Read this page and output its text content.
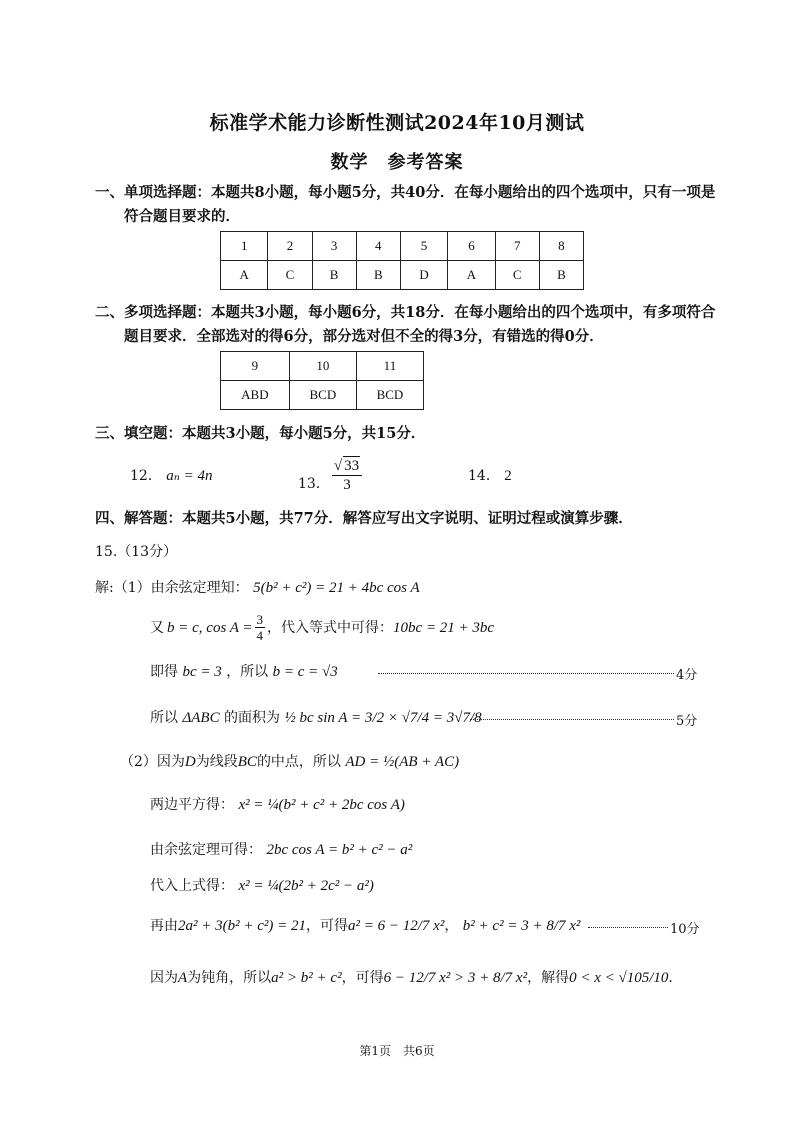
标准学术能力诊断性测试2024年10月测试
数学　参考答案
一、单项选择题：本题共8小题，每小题5分，共40分．在每小题给出的四个选项中，只有一项是
符合题目要求的．
1	2	3	4	5	6	7	8
A	C	B	B	D	A	C	B
二、多项选择题：本题共3小题，每小题6分，共18分．在每小题给出的四个选项中，有多项符合
题目要求．全部选对的得6分，部分选对但不全的得3分，有错选的得0分．
9	10	11
ABD	BCD	BCD
三、填空题：本题共3小题，每小题5分，共15分．
12． aₙ = 4n	13． $\frac{√ 33}{3}$	14． 2
四、解答题：本题共5小题，共77分．解答应写出文字说明、证明过程或演算步骤．
15.（13分）
解:（1）由余弦定理知： 5(b² + c²) = 21 + 4bc cos A
又 b = c, $\cos A = \frac{3}{4}$ ，代入等式中可得： 10bc = 21 + 3bc
即得 bc = 3 ，所以 b = c = √3	4分
所以 ΔABC 的面积为 ½ bc sin A = 3/2 × √7/4 = 3√7/8	5分
（2）因为D为线段BC的中点，所以 AD = ½(AB + AC)
两边平方得： x² = ¼(b² + c² + 2bc cos A)
由余弦定理可得： 2bc cos A = b² + c² − a²
代入上式得： x² = ¼(2b² + 2c² − a²)
再由2a² + 3(b² + c²) = 21，可得a² = 6 − 12/7 x²， b² + c² = 3 + 8/7 x²	10分
因为A为钝角，所以a² > b² + c²，可得6 − 12/7 x² > 3 + 8/7 x²，解得0 < x < √105/10．
第1页　共6页
